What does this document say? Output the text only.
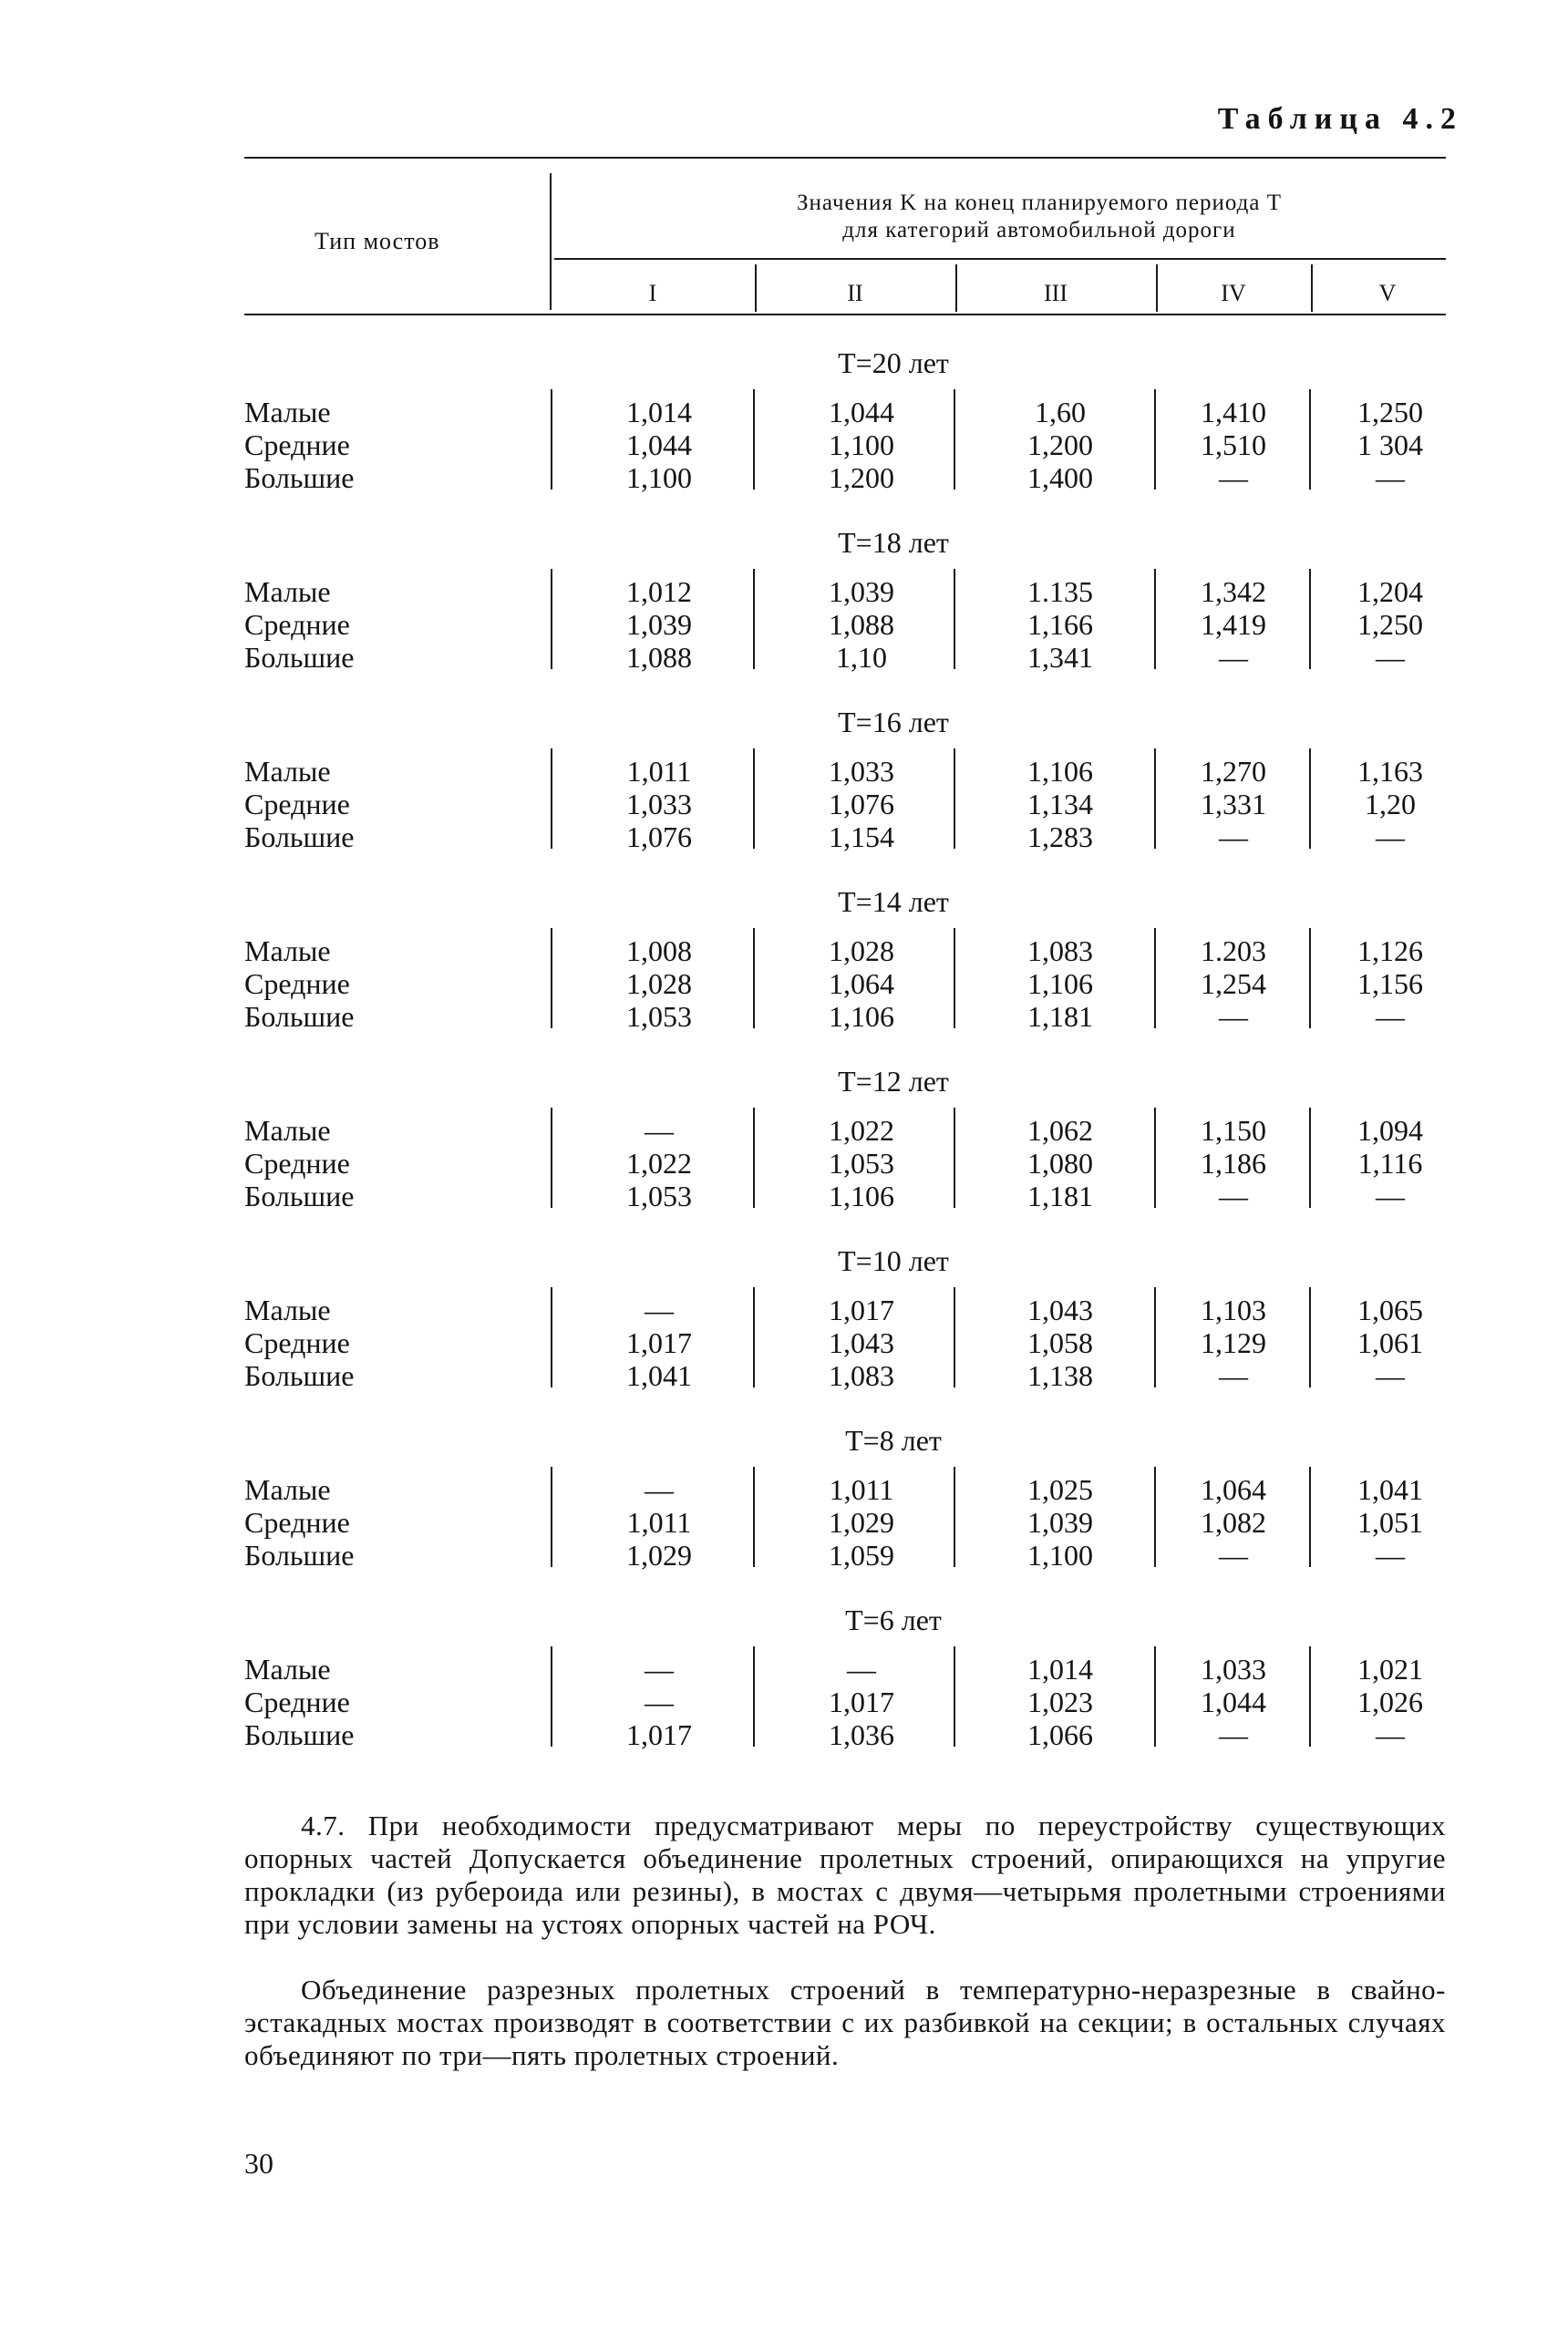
Таблица 4.2
Тип мостов
Значения K на конец планируемого периода T
для категорий автомобильной дороги
I	II	III	IV	V
T=20 лет
Малые	1,014	1,044	1,60	1,410	1,250
Средние	1,044	1,100	1,200	1,510	1 304
Большие	1,100	1,200	1,400	—	—
T=18 лет
Малые	1,012	1,039	1.135	1,342	1,204
Средние	1,039	1,088	1,166	1,419	1,250
Большие	1,088	1,10	1,341	—	—
T=16 лет
Малые	1,011	1,033	1,106	1,270	1,163
Средние	1,033	1,076	1,134	1,331	1,20
Большие	1,076	1,154	1,283	—	—
T=14 лет
Малые	1,008	1,028	1,083	1.203	1,126
Средние	1,028	1,064	1,106	1,254	1,156
Большие	1,053	1,106	1,181	—	—
T=12 лет
Малые	—	1,022	1,062	1,150	1,094
Средние	1,022	1,053	1,080	1,186	1,116
Большие	1,053	1,106	1,181	—	—
T=10 лет
Малые	—	1,017	1,043	1,103	1,065
Средние	1,017	1,043	1,058	1,129	1,061
Большие	1,041	1,083	1,138	—	—
T=8 лет
Малые	—	1,011	1,025	1,064	1,041
Средние	1,011	1,029	1,039	1,082	1,051
Большие	1,029	1,059	1,100	—	—
T=6 лет
Малые	—	—	1,014	1,033	1,021
Средние	—	1,017	1,023	1,044	1,026
Большие	1,017	1,036	1,066	—	—
4.7. При необходимости предусматривают меры по переустройству существующих опорных частей Допускается объединение пролетных строений, опирающихся на упругие прокладки (из рубероида или резины), в мостах с двумя—четырьмя пролетными строениями при условии замены на устоях опорных частей на РОЧ.
Объединение разрезных пролетных строений в температурно-неразрезные в свайно-эстакадных мостах производят в соответствии с их разбивкой на секции; в остальных случаях объединяют по три—пять пролетных строений.
30
